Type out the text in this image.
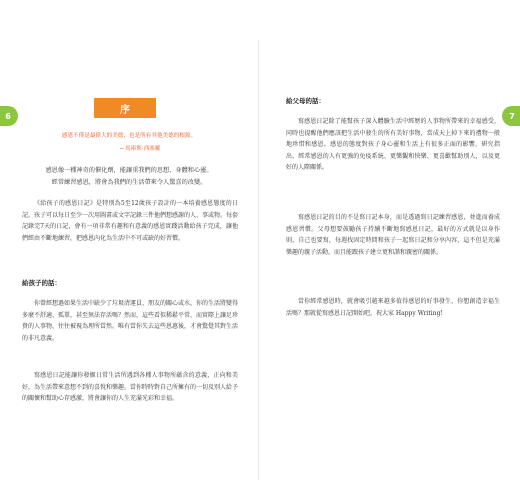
6
序
感恩不僅是最偉大的美德，也是所有其他美德的根源。
─ 馬庫斯·西塞羅
感恩像一種神奇的催化劑，能讓重我們的思想、身體和心靈。
經常練習感恩，將會為我們的生活帶來令人驚喜的改變。
《給孩子的感恩日記》是特別為5至12歲孩子設計的一本培養感恩態度的日記。孩子可以每日至少一次用圖畫或文字記錄三件他們想感謝的人、事或物。每套記錄完7天的日記，會有一項非常有趣和有意義的感恩實踐活動給孩子完成，讓他們經由不斷地練習，把感恩內化為生活中不可或缺的好習慣。
給孩子的話：
你曾經想過如果生活中缺少了垃圾清運員、朋友的關心或水，你的生活將變得多麼不舒適、孤單，甚至無法存活嗎？然而，這些看似稀鬆平常，而實際上讓足珍貴的人事物，往往被視為理所當然。唯有當你失去這些恩惠後，才會驚覺其對生活的非凡意義。
寫感恩日記能讓你發掘日常生活所遇到各種人事物所蘊含的意義，正向和美好，為生活帶來意想不到的喜悅和樂趣。當你時時對自己所擁有的一切及別人給予的關懷和幫助心存感激，將會讓你的人生充滿光彩和幸福。
7
給父母的話：
寫感恩日記除了能幫孩子深入體驗生活中經歷的人事物所帶來的幸福感受，同時也提醒他們應該把生活中發生的所有美好事物，當成天上掉下來的禮物一般地珍惜和感恩。感恩的態度對孩子身心靈和生活上有很多正面的影響，研究指出，經常感恩的人有更強的免疫系統、更樂觀和快樂、更喜歡幫助別人，以及更好的人際關係。
寫感恩日記的目的不是寫日記本身，而是透過寫日記練習感恩，並進而養成感恩習慣。父母想要鼓勵孩子持續不斷地寫感恩日記，最好的方式就是以身作則，自己也要寫，每週找固定時間和孩子一起寫日記和分享內容，這不但是充滿樂趣的親子活動，而且能跟孩子建立更和諧和親密的關係。
當你經常感恩時，就會吸引越來越多值得感恩的好事發生，你想創造幸福生活嗎？那就從寫感恩日記開始吧，祝大家 Happy Writing!
